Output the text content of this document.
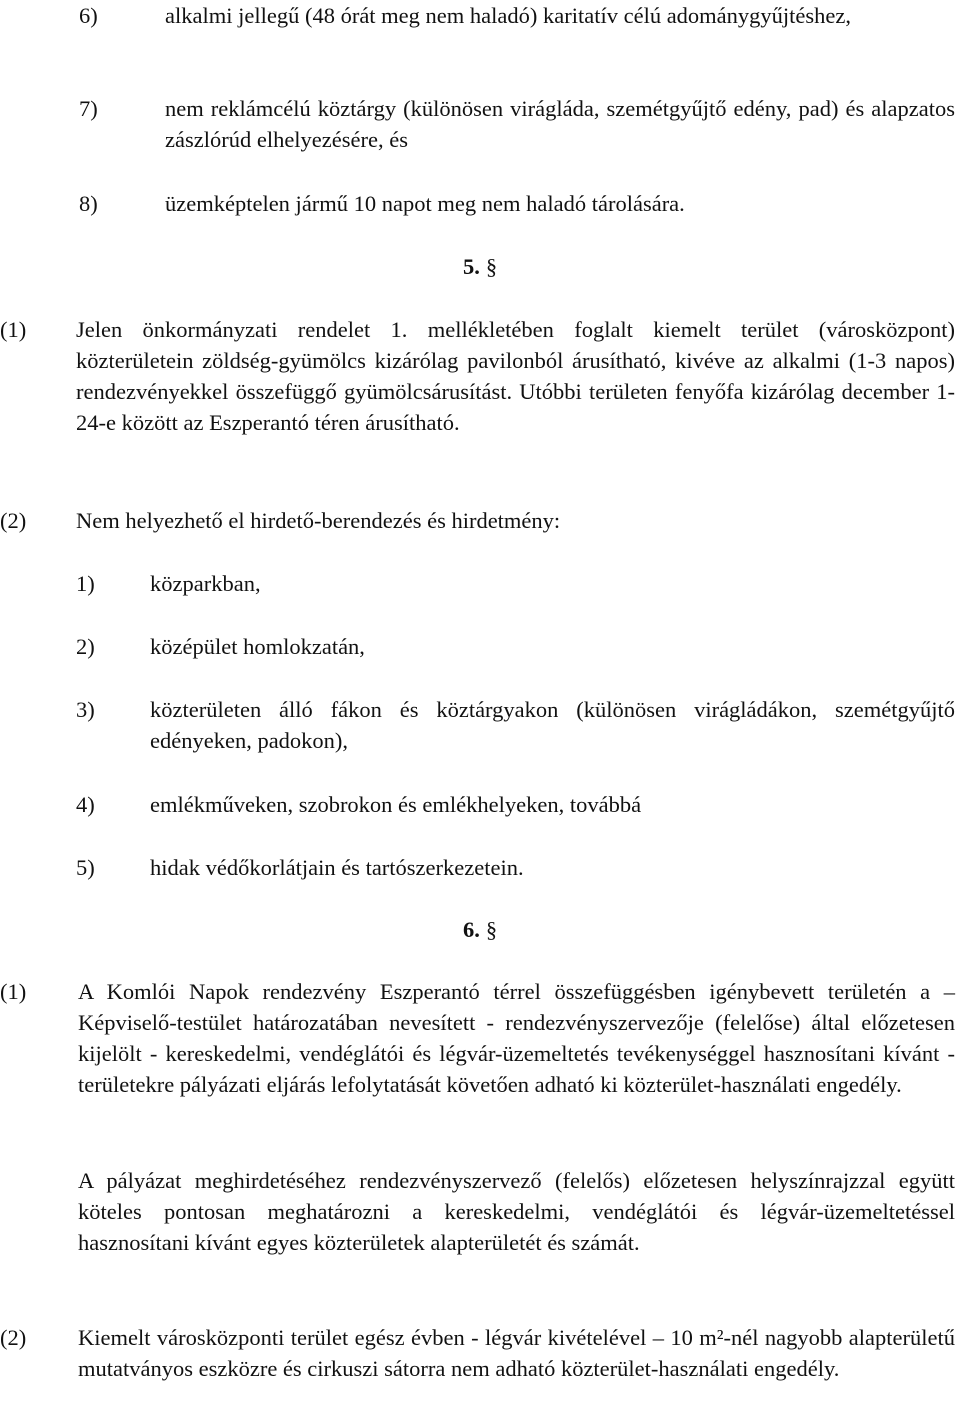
6)	alkalmi jellegű (48 órát meg nem haladó) karitatív célú adománygyűjtéshez,
7)	nem reklámcélú köztárgy (különösen virágláda, szemétgyűjtő edény, pad) és alapzatos zászlórúd elhelyezésére, és
8)	üzemképtelen jármű 10 napot meg nem haladó tárolására.
5. §
(1) Jelen önkormányzati rendelet 1. mellékletében foglalt kiemelt terület (városközpont) közterületein zöldség-gyümölcs kizárólag pavilonból árusítható, kivéve az alkalmi (1-3 napos) rendezvényekkel összefüggő gyümölcsárusítást. Utóbbi területen fenyőfa kizárólag december 1-24-e között az Eszperantó téren árusítható.
(2) Nem helyezhető el hirdető-berendezés és hirdetmény:
1) közparkban,
2) középület homlokzatán,
3) közterületen álló fákon és köztárgyakon (különösen virágládákon, szemétgyűjtő edényeken, padokon),
4) emlékműveken, szobrokon és emlékhelyeken, továbbá
5) hidak védőkorlátjain és tartószerkezetein.
6. §
(1) A Komlói Napok rendezvény Eszperantó térrel összefüggésben igénybevett területén a – Képviselő-testület határozatában nevesített - rendezvényszervezője (felelőse) által előzetesen kijelölt - kereskedelmi, vendéglátói és légvár-üzemeltetés tevékenységgel hasznosítani kívánt - területekre pályázati eljárás lefolytatását követően adható ki közterület-használati engedély.
A pályázat meghirdetéséhez rendezvényszervező (felelős) előzetesen helyszínrajzzal együtt köteles pontosan meghatározni a kereskedelmi, vendéglátói és légvár-üzemeltetéssel hasznosítani kívánt egyes közterületek alapterületét és számát.
(2) Kiemelt városközponti terület egész évben - légvár kivételével – 10 m²-nél nagyobb alapterületű mutatványos eszközre és cirkuszi sátorra nem adható közterület-használati engedély.
